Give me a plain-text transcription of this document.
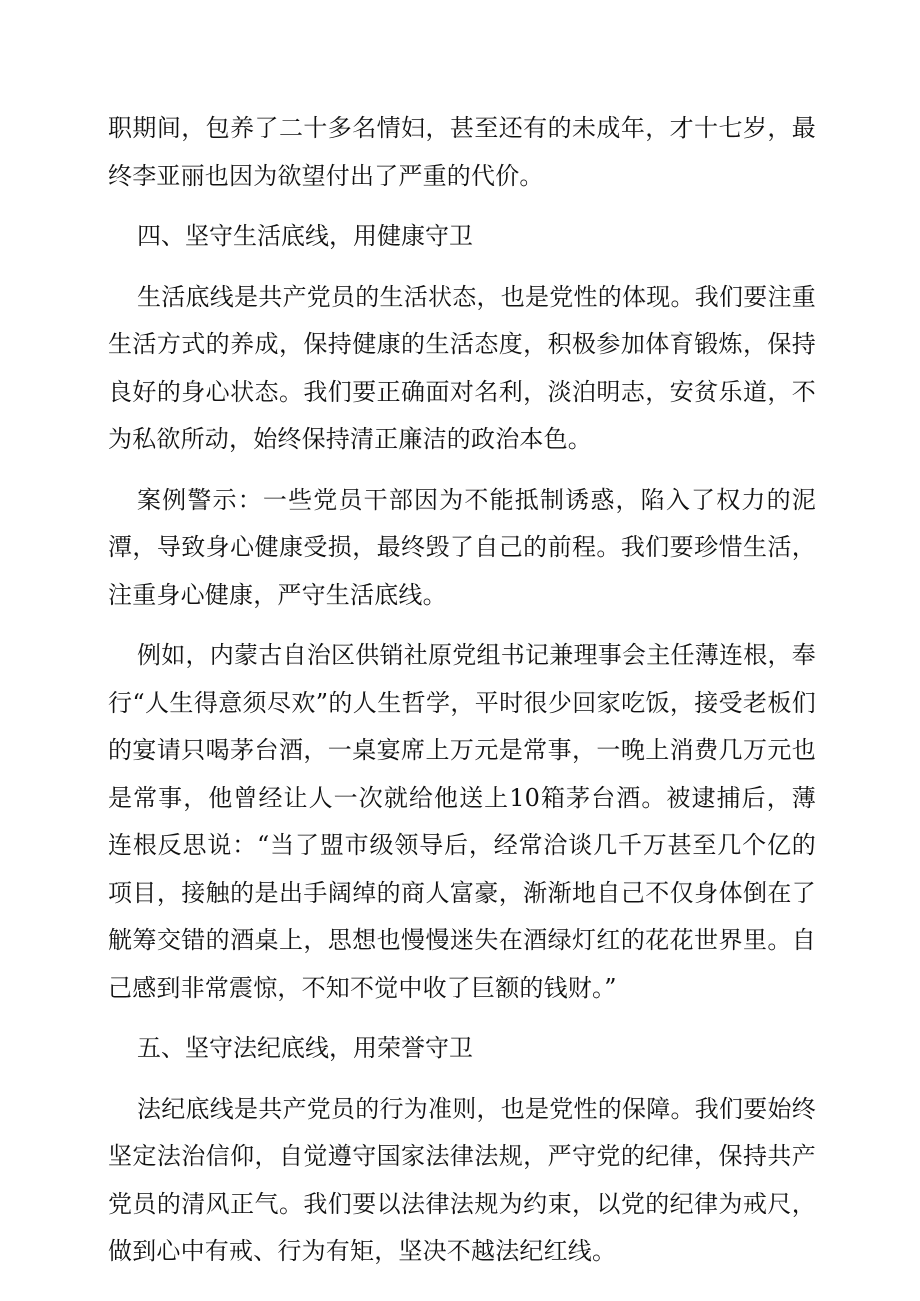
职期间，包养了二十多名情妇，甚至还有的未成年，才十七岁，最终李亚丽也因为欲望付出了严重的代价。

四、坚守生活底线，用健康守卫

生活底线是共产党员的生活状态，也是党性的体现。我们要注重生活方式的养成，保持健康的生活态度，积极参加体育锻炼，保持良好的身心状态。我们要正确面对名利，淡泊明志，安贫乐道，不为私欲所动，始终保持清正廉洁的政治本色。

案例警示：一些党员干部因为不能抵制诱惑，陷入了权力的泥潭，导致身心健康受损，最终毁了自己的前程。我们要珍惜生活，注重身心健康，严守生活底线。

例如，内蒙古自治区供销社原党组书记兼理事会主任薄连根，奉行“人生得意须尽欢”的人生哲学，平时很少回家吃饭，接受老板们的宴请只喝茅台酒，一桌宴席上万元是常事，一晚上消费几万元也是常事，他曾经让人一次就给他送上10箱茅台酒。被逮捕后，薄连根反思说：“当了盟市级领导后，经常洽谈几千万甚至几个亿的项目，接触的是出手阔绰的商人富豪，渐渐地自己不仅身体倒在了觥筹交错的酒桌上，思想也慢慢迷失在酒绿灯红的花花世界里。自己感到非常震惊，不知不觉中收了巨额的钱财。”

五、坚守法纪底线，用荣誉守卫

法纪底线是共产党员的行为准则，也是党性的保障。我们要始终坚定法治信仰，自觉遵守国家法律法规，严守党的纪律，保持共产党员的清风正气。我们要以法律法规为约束，以党的纪律为戒尺，做到心中有戒、行为有矩，坚决不越法纪红线。
